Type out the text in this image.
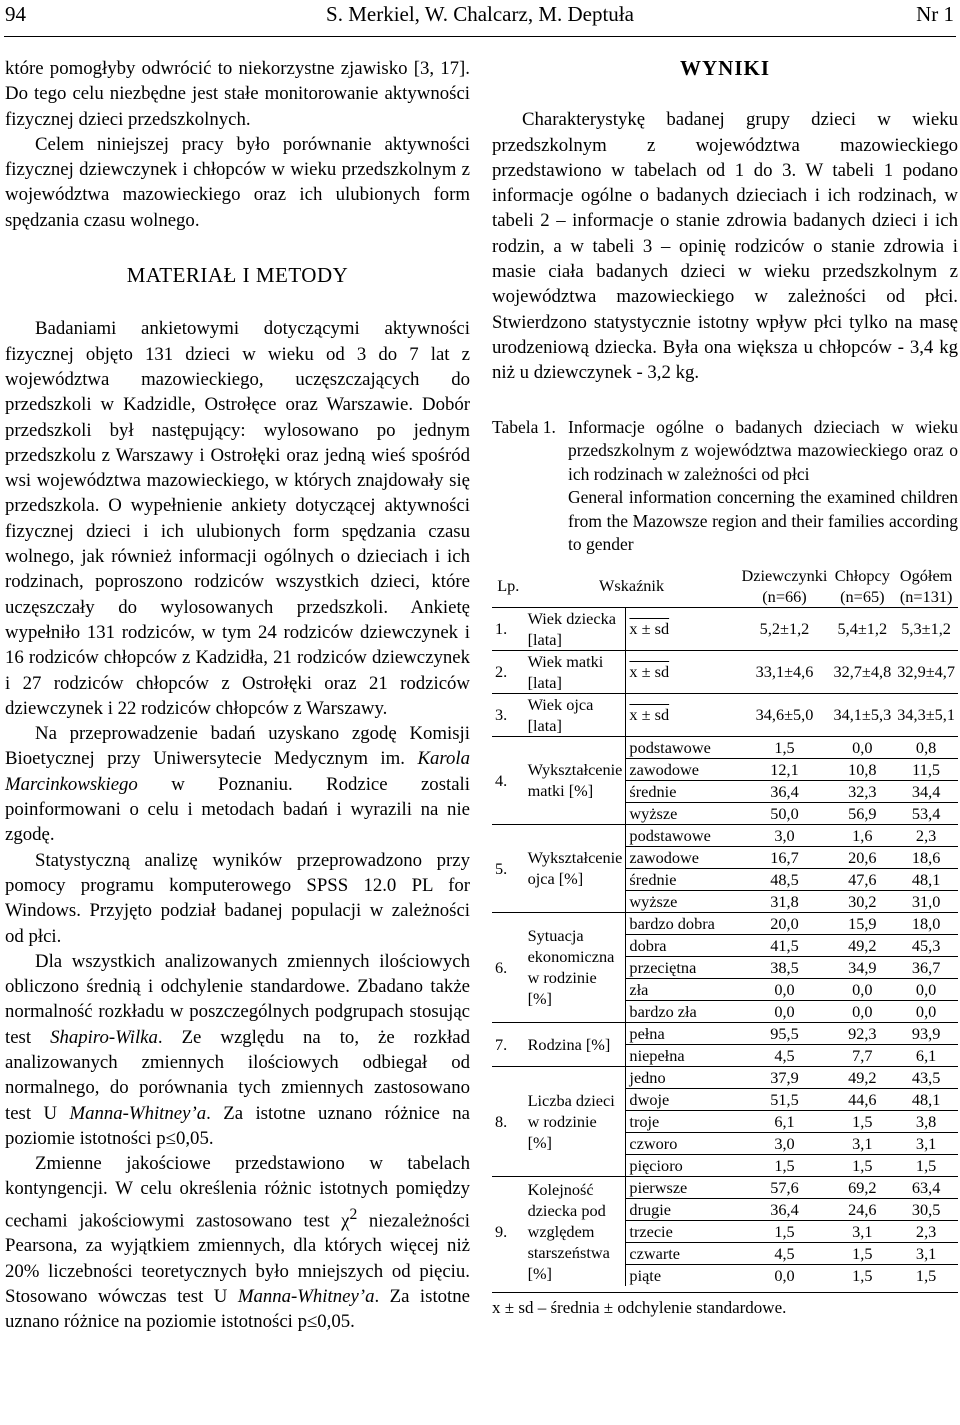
94	S. Merkiel, W. Chalcarz, M. Deptuła	Nr 1

które pomogłyby odwrócić to niekorzystne zjawisko [3, 17]. Do tego celu niezbędne jest stałe monitorowanie aktywności fizycznej dzieci przedszkolnych.

Celem niniejszej pracy było porównanie aktywności fizycznej dziewczynek i chłopców w wieku przedszkolnym z województwa mazowieckiego oraz ich ulubionych form spędzania czasu wolnego.

MATERIAŁ I METODY

Badaniami ankietowymi dotyczącymi aktywności fizycznej objęto 131 dzieci w wieku od 3 do 7 lat z województwa mazowieckiego, uczęszczających do przedszkoli w Kadzidle, Ostrołęce oraz Warszawie. Dobór przedszkoli był następujący: wylosowano po jednym przedszkolu z Warszawy i Ostrołęki oraz jedną wieś spośród wsi województwa mazowieckiego, w których znajdowały się przedszkola. O wypełnienie ankiety dotyczącej aktywności fizycznej dzieci i ich ulubionych form spędzania czasu wolnego, jak również informacji ogólnych o dzieciach i ich rodzinach, poproszono rodziców wszystkich dzieci, które uczęszczały do wylosowanych przedszkoli. Ankietę wypełniło 131 rodziców, w tym 24 rodziców dziewczynek i 16 rodziców chłopców z Kadzidła, 21 rodziców dziewczynek i 27 rodziców chłopców z Ostrołęki oraz 21 rodziców dziewczynek i 22 rodziców chłopców z Warszawy.

Na przeprowadzenie badań uzyskano zgodę Komisji Bioetycznej przy Uniwersytecie Medycznym im. Karola Marcinkowskiego w Poznaniu. Rodzice zostali poinformowani o celu i metodach badań i wyrazili na nie zgodę.

Statystyczną analizę wyników przeprowadzono przy pomocy programu komputerowego SPSS 12.0 PL for Windows. Przyjęto podział badanej populacji w zależności od płci.

Dla wszystkich analizowanych zmiennych ilościowych obliczono średnią i odchylenie standardowe. Zbadano także normalność rozkładu w poszczególnych podgrupach stosując test Shapiro-Wilka. Ze względu na to, że rozkład analizowanych zmiennych ilościowych odbiegał od normalnego, do porównania tych zmiennych zastosowano test U Manna-Whitney’a. Za istotne uznano różnice na poziomie istotności p≤0,05.

Zmienne jakościowe przedstawiono w tabelach kontyngencji. W celu określenia różnic istotnych pomiędzy cechami jakościowymi zastosowano test $\chi^2$ niezależności Pearsona, za wyjątkiem zmiennych, dla których więcej niż 20% liczebności teoretycznych było mniejszych od pięciu. Stosowano wówczas test U Manna-Whitney’a. Za istotne uznano różnice na poziomie istotności p≤0,05.

WYNIKI

Charakterystykę badanej grupy dzieci w wieku przedszkolnym z województwa mazowieckiego przedstawiono w tabelach od 1 do 3. W tabeli 1 podano informacje ogólne o badanych dzieciach i ich rodzinach, w tabeli 2 – informacje o stanie zdrowia badanych dzieci i ich rodzin, a w tabeli 3 – opinię rodziców o stanie zdrowia i masie ciała badanych dzieci w wieku przedszkolnym z województwa mazowieckiego w zależności od płci. Stwierdzono statystycznie istotny wpływ płci tylko na masę urodzeniową dziecka. Była ona większa u chłopców - 3,4 kg niż u dziewczynek - 3,2 kg.

Tabela 1. Informacje ogólne o badanych dzieciach w wieku przedszkolnym z województwa mazowieckiego oraz o ich rodzinach w zależności od płci
General information concerning the examined children from the Mazowsze region and their families according to gender
Lp.	Wskaźnik		Dziewczynki (n=66)	Chłopcy (n=65)	Ogółem (n=131)
1.	Wiek dziecka [lata]	x ± sd	5,2±1,2	5,4±1,2	5,3±1,2
2.	Wiek matki [lata]	x ± sd	33,1±4,6	32,7±4,8	32,9±4,7
3.	Wiek ojca [lata]	x ± sd	34,6±5,0	34,1±5,3	34,3±5,1
4.	Wykształcenie matki [%]	podstawowe	1,5	0,0	0,8
		zawodowe	12,1	10,8	11,5
		średnie	36,4	32,3	34,4
		wyższe	50,0	56,9	53,4
5.	Wykształcenie ojca [%]	podstawowe	3,0	1,6	2,3
		zawodowe	16,7	20,6	18,6
		średnie	48,5	47,6	48,1
		wyższe	31,8	30,2	31,0
6.	Sytuacja ekonomiczna w rodzinie [%]	bardzo dobra	20,0	15,9	18,0
		dobra	41,5	49,2	45,3
		przeciętna	38,5	34,9	36,7
		zła	0,0	0,0	0,0
		bardzo zła	0,0	0,0	0,0
7.	Rodzina [%]	pełna	95,5	92,3	93,9
		niepełna	4,5	7,7	6,1
8.	Liczba dzieci w rodzinie [%]	jedno	37,9	49,2	43,5
		dwoje	51,5	44,6	48,1
		troje	6,1	1,5	3,8
		czworo	3,0	3,1	3,1
		pięcioro	1,5	1,5	1,5
9.	Kolejność dziecka pod względem starszeństwa [%]	pierwsze	57,6	69,2	63,4
		drugie	36,4	24,6	30,5
		trzecie	1,5	3,1	2,3
		czwarte	4,5	1,5	3,1
		piąte	0,0	1,5	1,5
x ± sd – średnia ± odchylenie standardowe.
